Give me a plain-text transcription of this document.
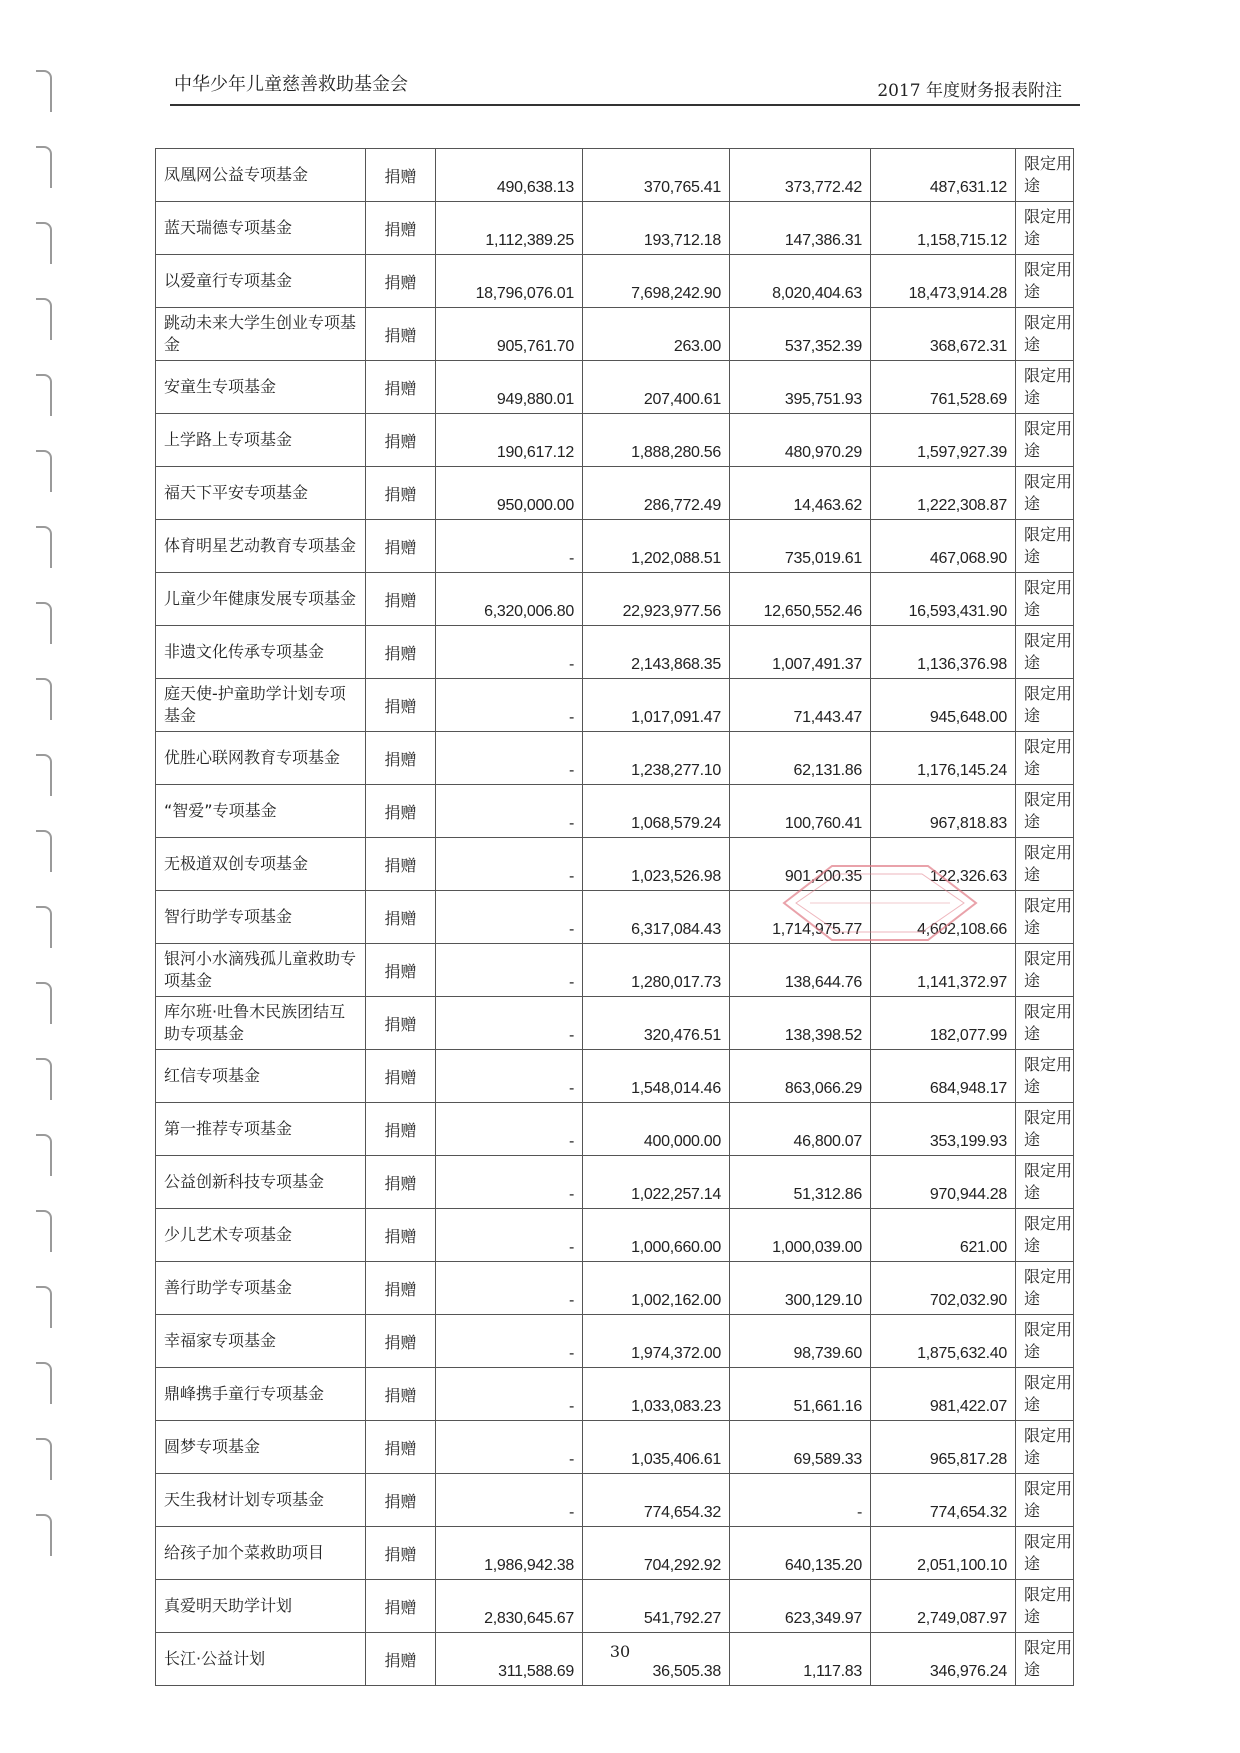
中华少年儿童慈善救助基金会	2017 年度财务报表附注
凤凰网公益专项基金	捐赠	490,638.13	370,765.41	373,772.42	487,631.12	限定用途
蓝天瑞德专项基金	捐赠	1,112,389.25	193,712.18	147,386.31	1,158,715.12	限定用途
以爱童行专项基金	捐赠	18,796,076.01	7,698,242.90	8,020,404.63	18,473,914.28	限定用途
跳动未来大学生创业专项基金	捐赠	905,761.70	263.00	537,352.39	368,672.31	限定用途
安童生专项基金	捐赠	949,880.01	207,400.61	395,751.93	761,528.69	限定用途
上学路上专项基金	捐赠	190,617.12	1,888,280.56	480,970.29	1,597,927.39	限定用途
福天下平安专项基金	捐赠	950,000.00	286,772.49	14,463.62	1,222,308.87	限定用途
体育明星艺动教育专项基金	捐赠	-	1,202,088.51	735,019.61	467,068.90	限定用途
儿童少年健康发展专项基金	捐赠	6,320,006.80	22,923,977.56	12,650,552.46	16,593,431.90	限定用途
非遗文化传承专项基金	捐赠	-	2,143,868.35	1,007,491.37	1,136,376.98	限定用途
庭天使-护童助学计划专项基金	捐赠	-	1,017,091.47	71,443.47	945,648.00	限定用途
优胜心联网教育专项基金	捐赠	-	1,238,277.10	62,131.86	1,176,145.24	限定用途
“智爱”专项基金	捐赠	-	1,068,579.24	100,760.41	967,818.83	限定用途
无极道双创专项基金	捐赠	-	1,023,526.98	901,200.35	122,326.63	限定用途
智行助学专项基金	捐赠	-	6,317,084.43	1,714,975.77	4,602,108.66	限定用途
银河小水滴残孤儿童救助专项基金	捐赠	-	1,280,017.73	138,644.76	1,141,372.97	限定用途
库尔班·吐鲁木民族团结互助专项基金	捐赠	-	320,476.51	138,398.52	182,077.99	限定用途
红信专项基金	捐赠	-	1,548,014.46	863,066.29	684,948.17	限定用途
第一推荐专项基金	捐赠	-	400,000.00	46,800.07	353,199.93	限定用途
公益创新科技专项基金	捐赠	-	1,022,257.14	51,312.86	970,944.28	限定用途
少儿艺术专项基金	捐赠	-	1,000,660.00	1,000,039.00	621.00	限定用途
善行助学专项基金	捐赠	-	1,002,162.00	300,129.10	702,032.90	限定用途
幸福家专项基金	捐赠	-	1,974,372.00	98,739.60	1,875,632.40	限定用途
鼎峰携手童行专项基金	捐赠	-	1,033,083.23	51,661.16	981,422.07	限定用途
圆梦专项基金	捐赠	-	1,035,406.61	69,589.33	965,817.28	限定用途
天生我材计划专项基金	捐赠	-	774,654.32	-	774,654.32	限定用途
给孩子加个菜救助项目	捐赠	1,986,942.38	704,292.92	640,135.20	2,051,100.10	限定用途
真爱明天助学计划	捐赠	2,830,645.67	541,792.27	623,349.97	2,749,087.97	限定用途
长江·公益计划	捐赠	311,588.69	36,505.38	1,117.83	346,976.24	限定用途
30
